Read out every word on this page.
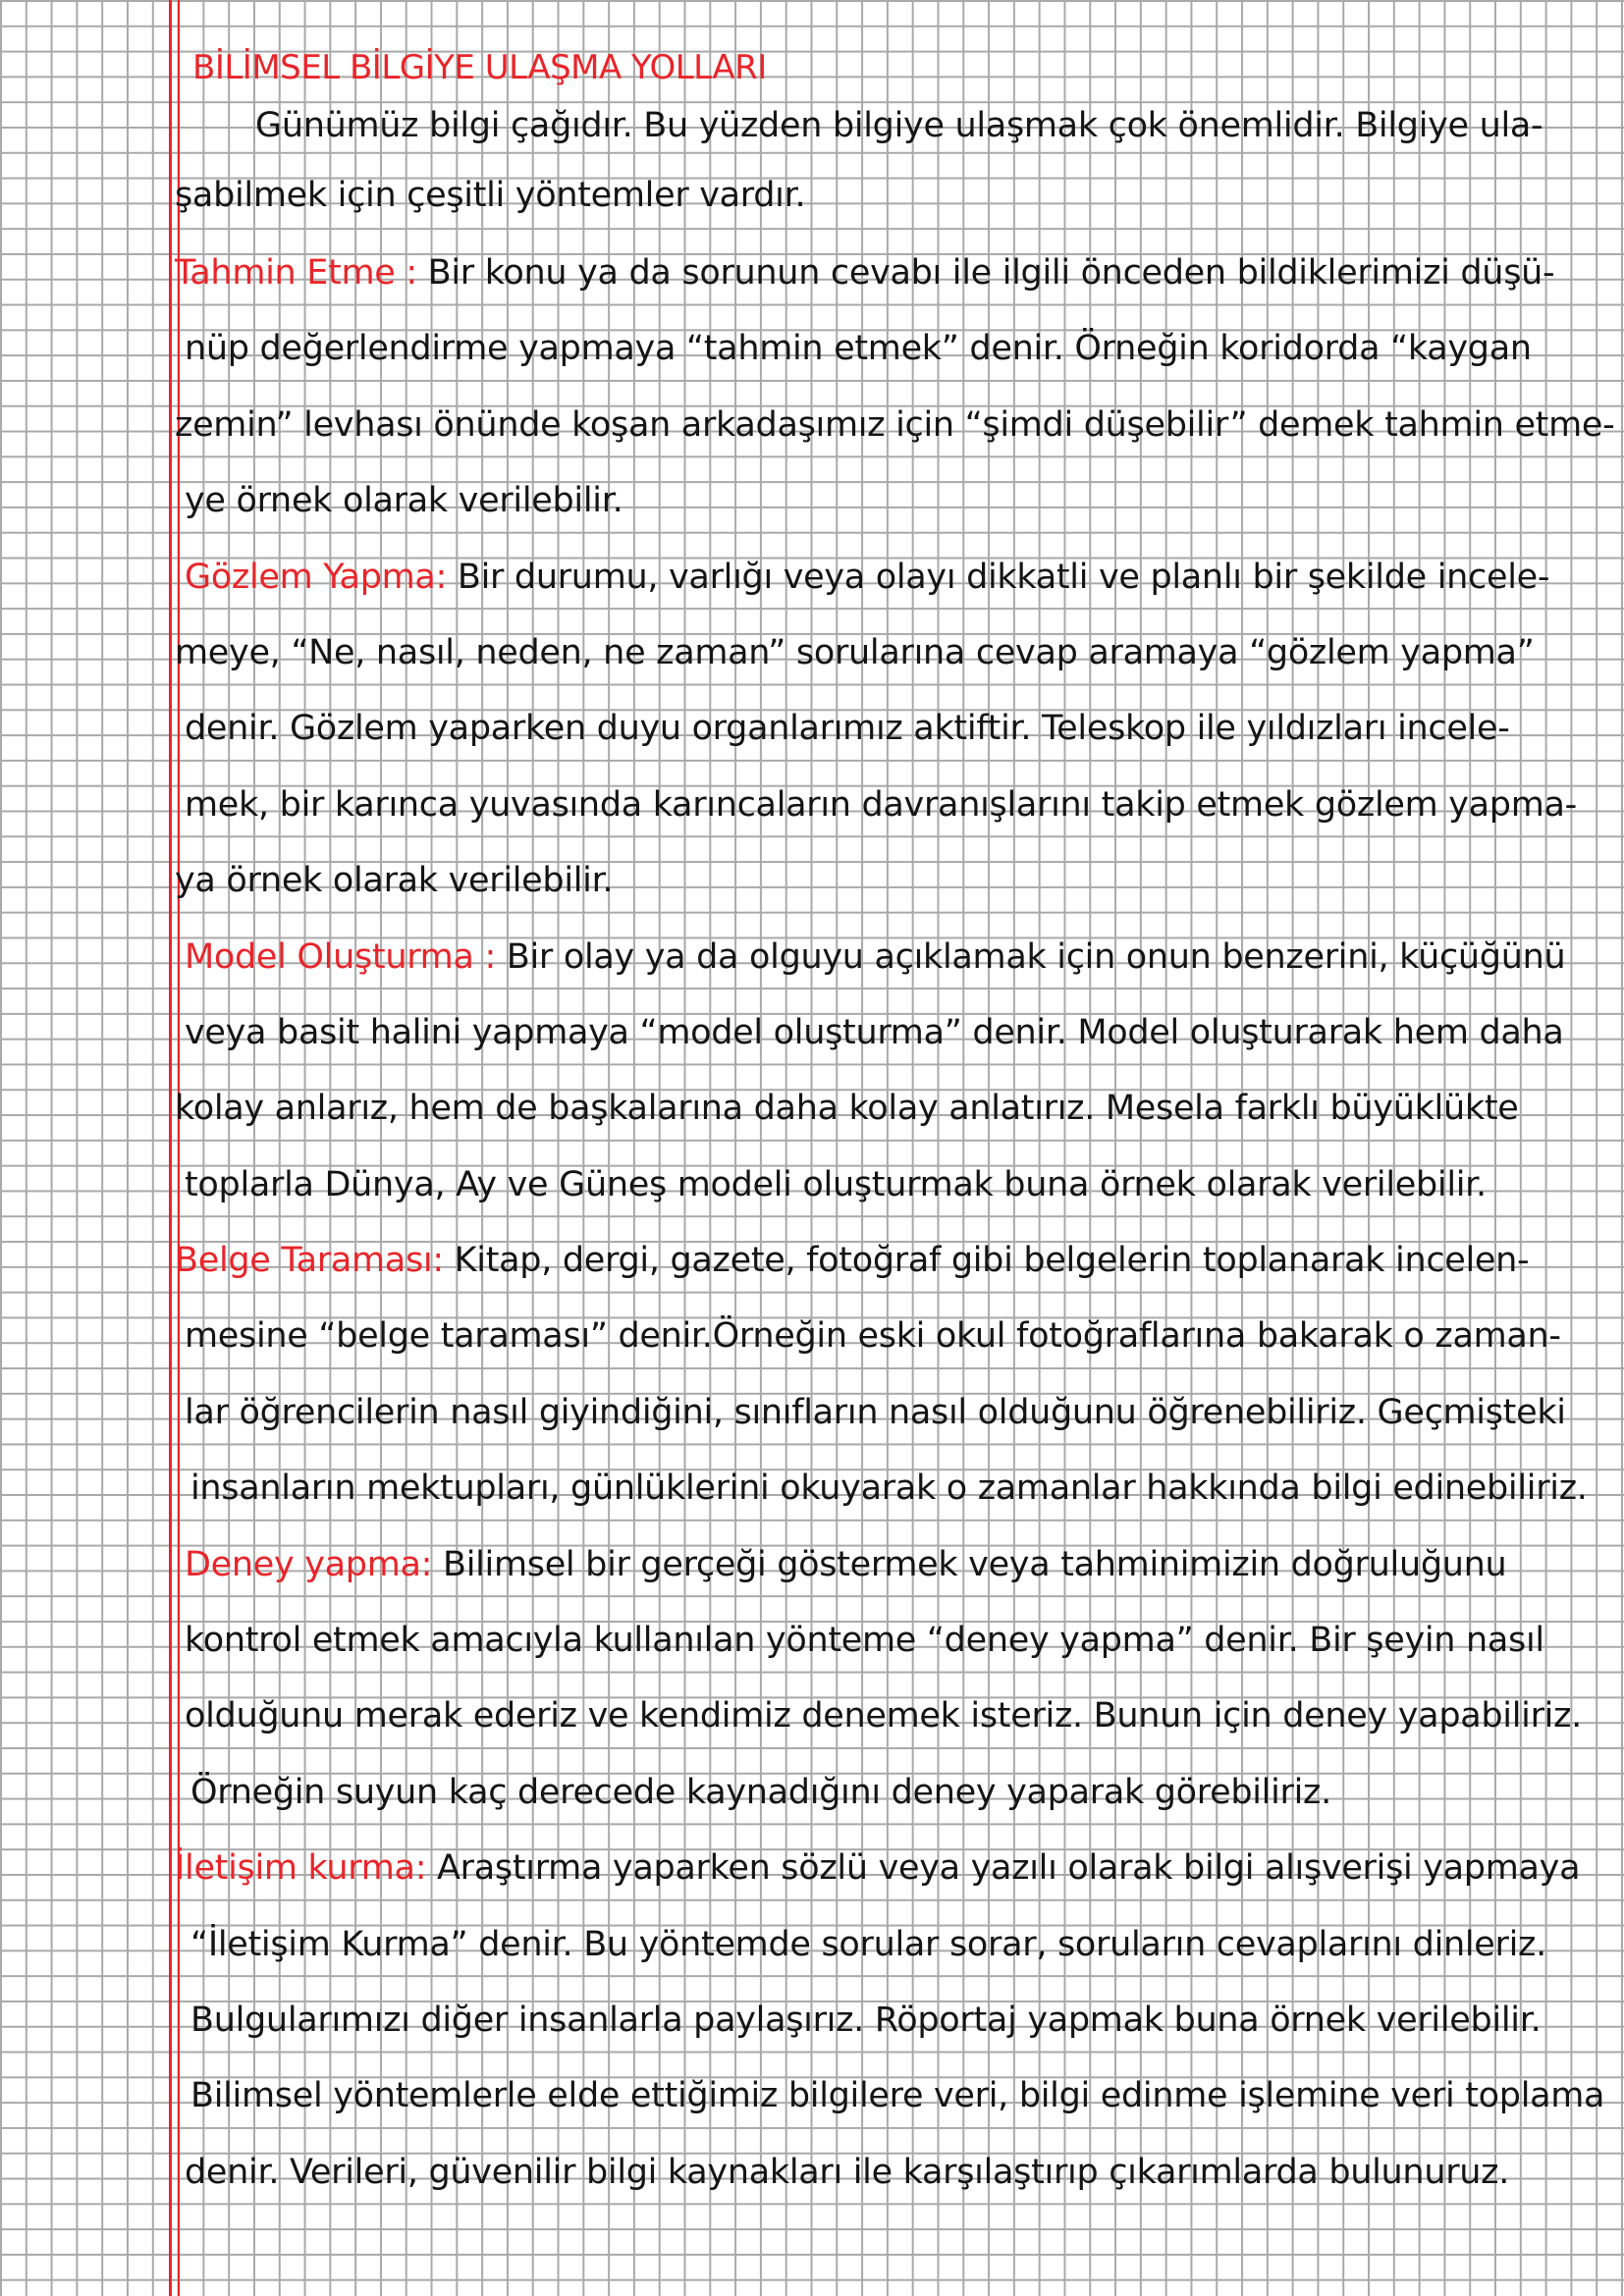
BİLİMSEL BİLGİYE ULAŞMA YOLLARI
Günümüz bilgi çağıdır. Bu yüzden bilgiye ulaşmak çok önemlidir. Bilgiye ula-
şabilmek için çeşitli yöntemler vardır.
Tahmin Etme : Bir konu ya da sorunun cevabı ile ilgili önceden bildiklerimizi düşü-
nüp değerlendirme yapmaya “tahmin etmek” denir. Örneğin koridorda “kaygan
zemin” levhası önünde koşan arkadaşımız için “şimdi düşebilir” demek tahmin etme-
ye örnek olarak verilebilir.
Gözlem Yapma: Bir durumu, varlığı veya olayı dikkatli ve planlı bir şekilde incele-
meye, “Ne, nasıl, neden, ne zaman” sorularına cevap aramaya “gözlem yapma”
denir. Gözlem yaparken duyu organlarımız aktiftir. Teleskop ile yıldızları incele-
mek, bir karınca yuvasında karıncaların davranışlarını takip etmek gözlem yapma-
ya örnek olarak verilebilir.
Model Oluşturma : Bir olay ya da olguyu açıklamak için onun benzerini, küçüğünü
veya basit halini yapmaya “model oluşturma” denir. Model oluşturarak hem daha
kolay anlarız, hem de başkalarına daha kolay anlatırız. Mesela farklı büyüklükte
toplarla Dünya, Ay ve Güneş modeli oluşturmak buna örnek olarak verilebilir.
Belge Taraması: Kitap, dergi, gazete, fotoğraf gibi belgelerin toplanarak incelen-
mesine “belge taraması” denir.Örneğin eski okul fotoğraflarına bakarak o zaman-
lar öğrencilerin nasıl giyindiğini, sınıfların nasıl olduğunu öğrenebiliriz. Geçmişteki
insanların mektupları, günlüklerini okuyarak o zamanlar hakkında bilgi edinebiliriz.
Deney yapma: Bilimsel bir gerçeği göstermek veya tahminimizin doğruluğunu
kontrol etmek amacıyla kullanılan yönteme “deney yapma” denir. Bir şeyin nasıl
olduğunu merak ederiz ve kendimiz denemek isteriz. Bunun için deney yapabiliriz.
Örneğin suyun kaç derecede kaynadığını deney yaparak görebiliriz.
İletişim kurma: Araştırma yaparken sözlü veya yazılı olarak bilgi alışverişi yapmaya
“İletişim Kurma” denir. Bu yöntemde sorular sorar, soruların cevaplarını dinleriz.
Bulgularımızı diğer insanlarla paylaşırız. Röportaj yapmak buna örnek verilebilir.
Bilimsel yöntemlerle elde ettiğimiz bilgilere veri, bilgi edinme işlemine veri toplama
denir. Verileri, güvenilir bilgi kaynakları ile karşılaştırıp çıkarımlarda bulunuruz.
